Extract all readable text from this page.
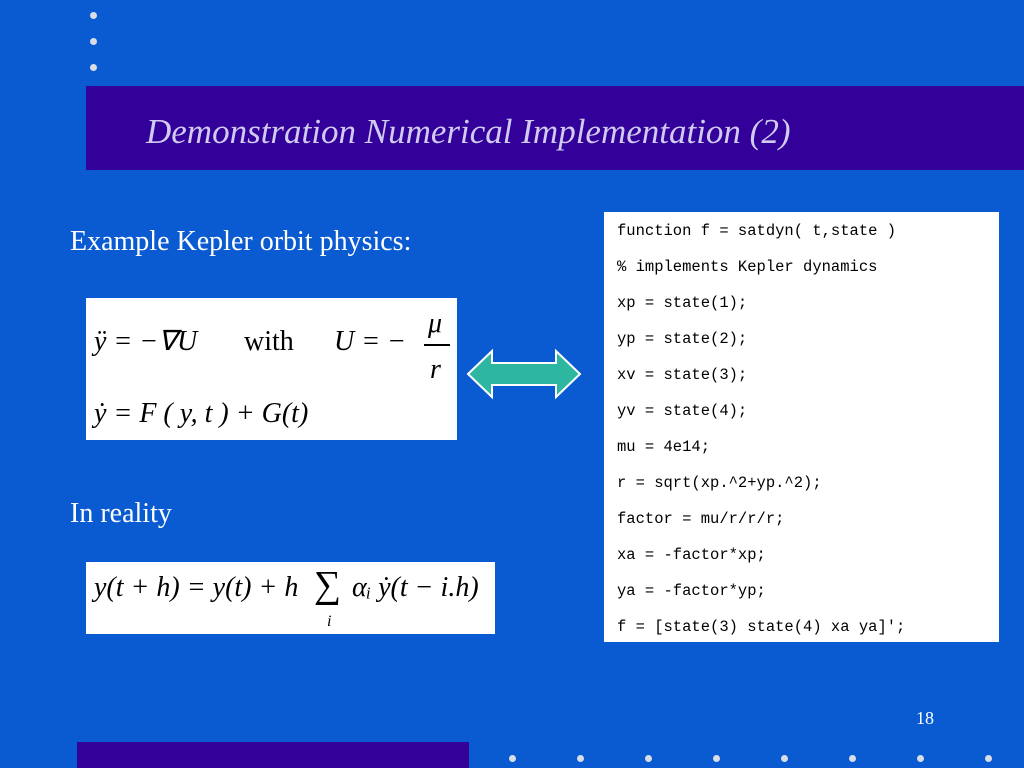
Demonstration Numerical Implementation (2)
Example Kepler orbit physics:
In reality
ÿ = −∇U with U = −
μ
r
ẏ = F ( y, t ) + G(t)
y(t + h) = y(t) + h ∑
i
αᵢ ẏ(t − i.h)
function f = satdyn( t,state )
% implements Kepler dynamics
xp = state(1);
yp = state(2);
xv = state(3);
yv = state(4);
mu = 4e14;
r = sqrt(xp.^2+yp.^2);
factor = mu/r/r/r;
xa = -factor*xp;
ya = -factor*yp;
f = [state(3) state(4) xa ya]';
18
